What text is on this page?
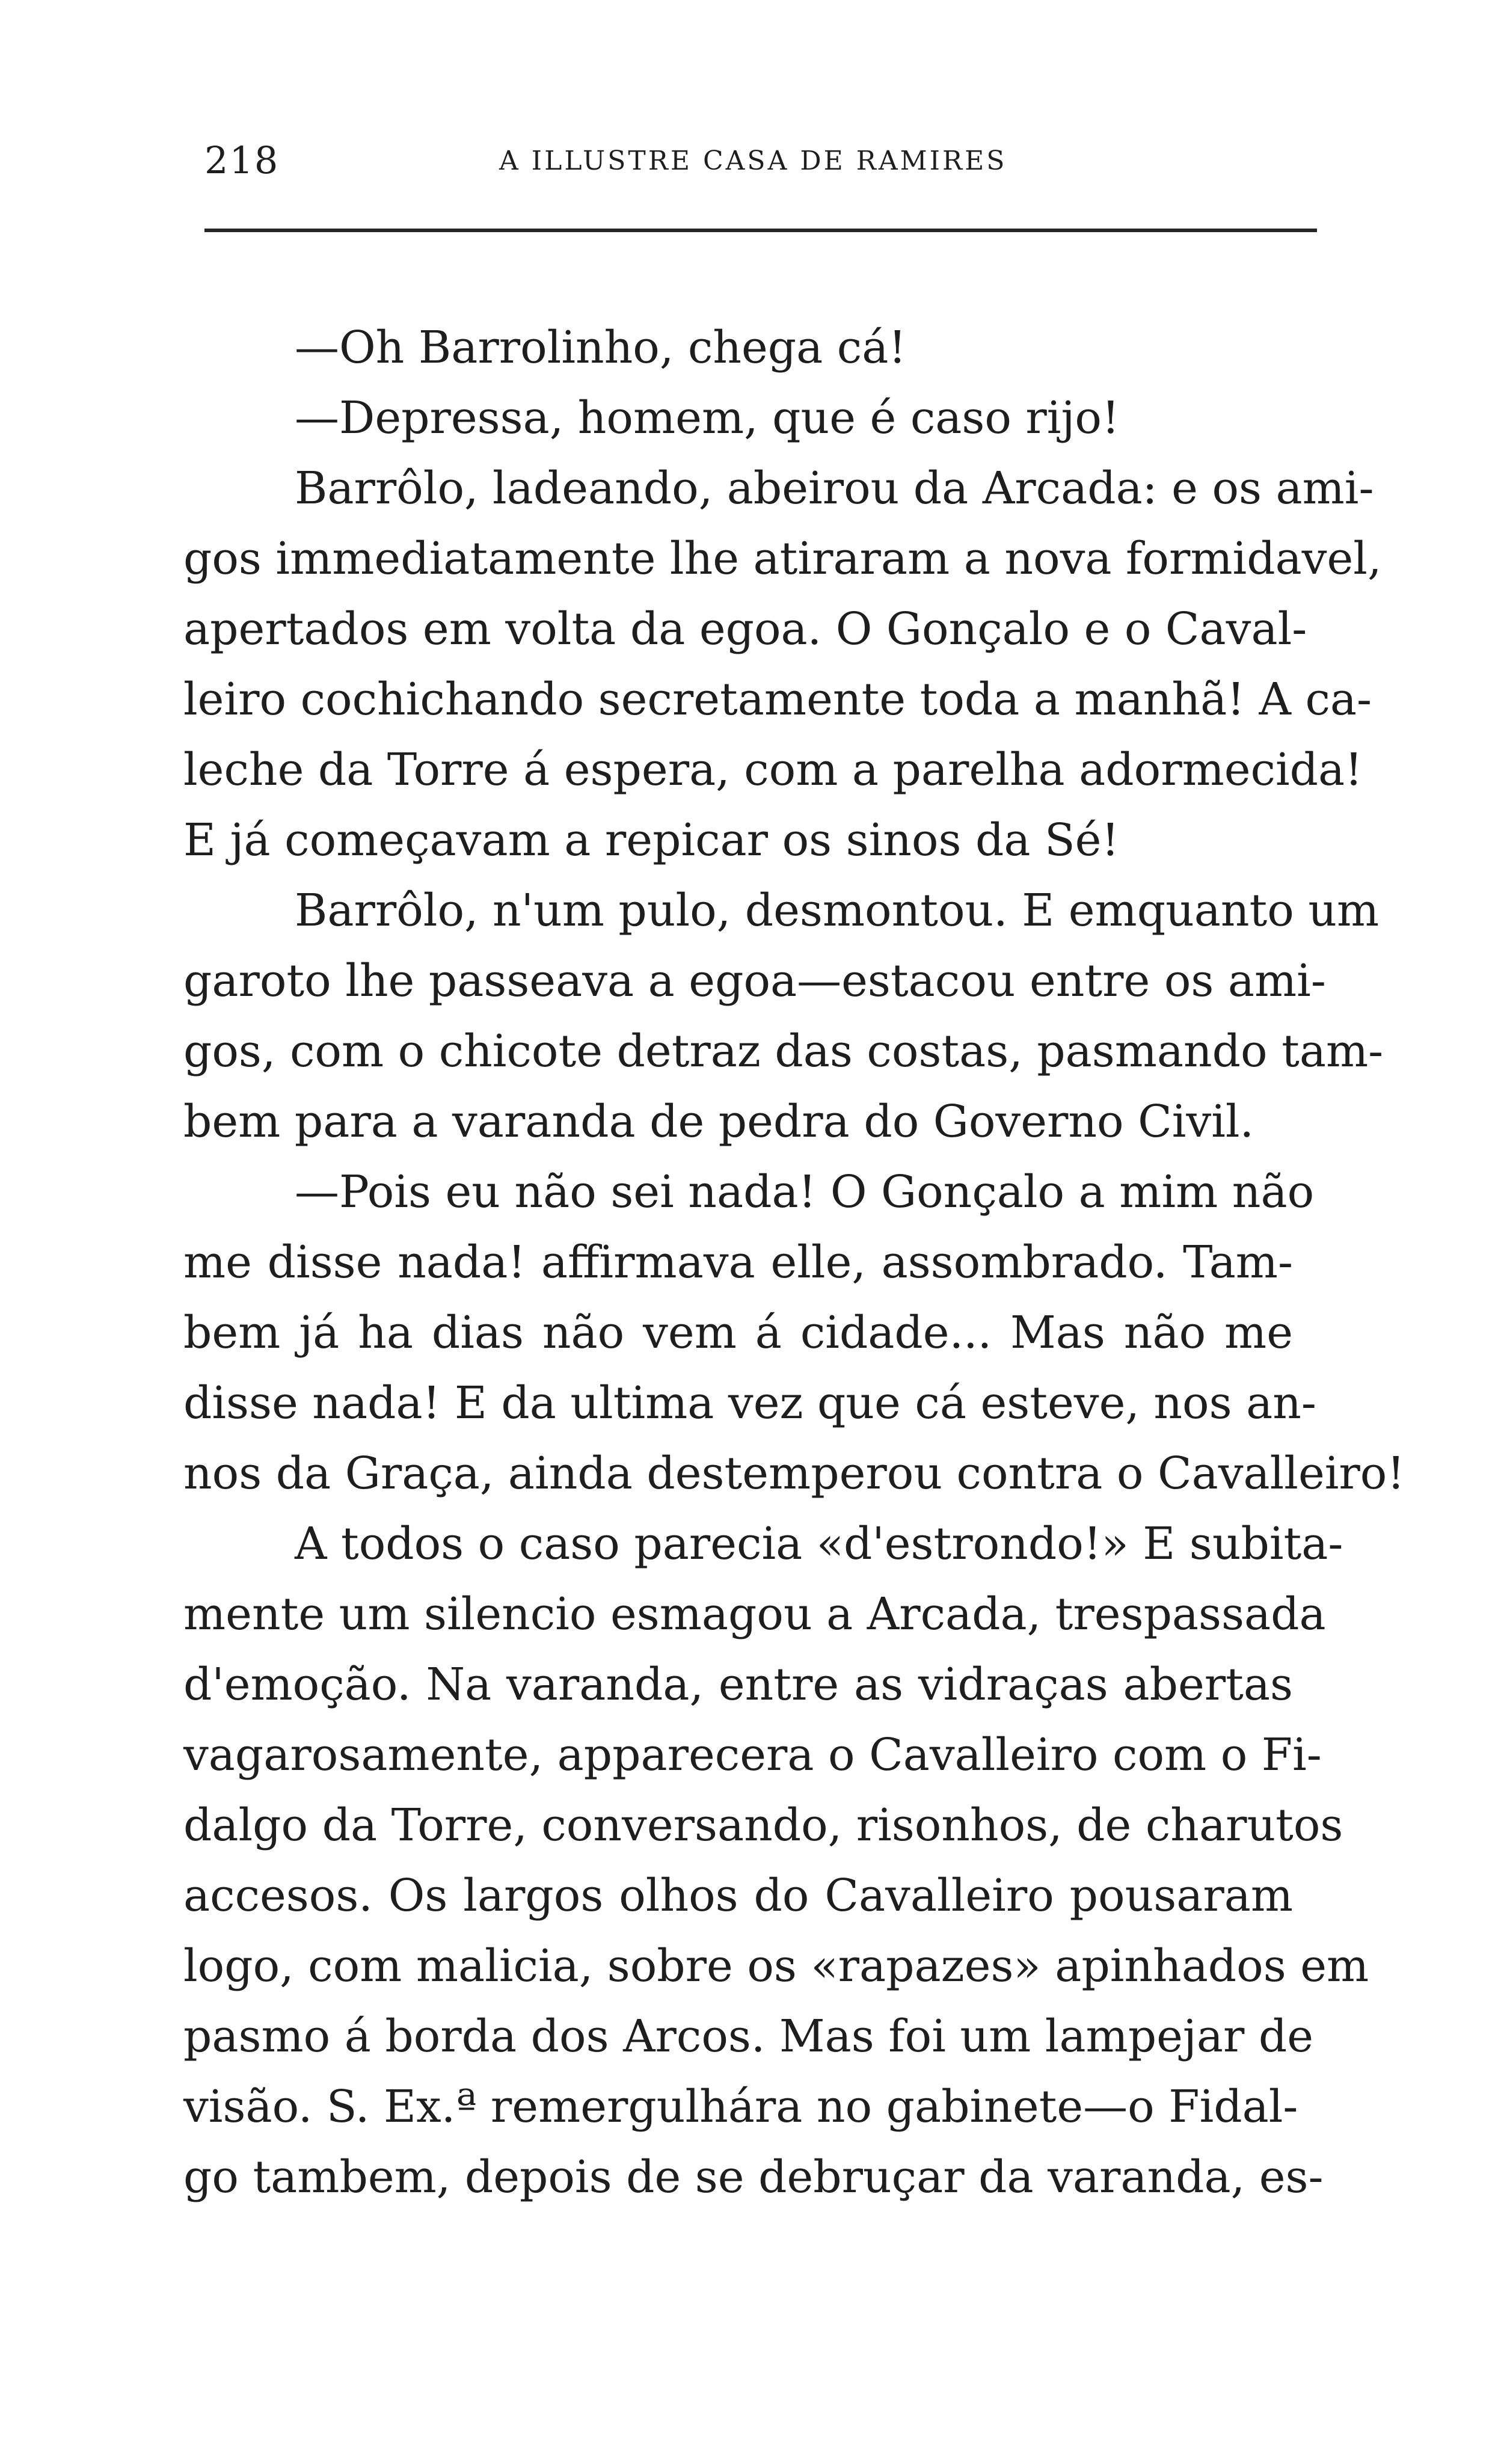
218	A ILLUSTRE CASA DE RAMIRES
—Oh Barrolinho, chega cá!
—Depressa, homem, que é caso rijo!
Barrôlo, ladeando, abeirou da Arcada: e os ami-
gos immediatamente lhe atiraram a nova formidavel,
apertados em volta da egoa. O Gonçalo e o Caval-
leiro cochichando secretamente toda a manhã! A ca-
leche da Torre á espera, com a parelha adormecida!
E já começavam a repicar os sinos da Sé!
Barrôlo, n'um pulo, desmontou. E emquanto um
garoto lhe passeava a egoa—estacou entre os ami-
gos, com o chicote detraz das costas, pasmando tam-
bem para a varanda de pedra do Governo Civil.
—Pois eu não sei nada! O Gonçalo a mim não
me disse nada! affirmava elle, assombrado. Tam-
bem já ha dias não vem á cidade... Mas não me
disse nada! E da ultima vez que cá esteve, nos an-
nos da Graça, ainda destemperou contra o Cavalleiro!
A todos o caso parecia «d'estrondo!» E subita-
mente um silencio esmagou a Arcada, trespassada
d'emoção. Na varanda, entre as vidraças abertas
vagarosamente, apparecera o Cavalleiro com o Fi-
dalgo da Torre, conversando, risonhos, de charutos
accesos. Os largos olhos do Cavalleiro pousaram
logo, com malicia, sobre os «rapazes» apinhados em
pasmo á borda dos Arcos. Mas foi um lampejar de
visão. S. Ex.ª remergulhára no gabinete—o Fidal-
go tambem, depois de se debruçar da varanda, es-
